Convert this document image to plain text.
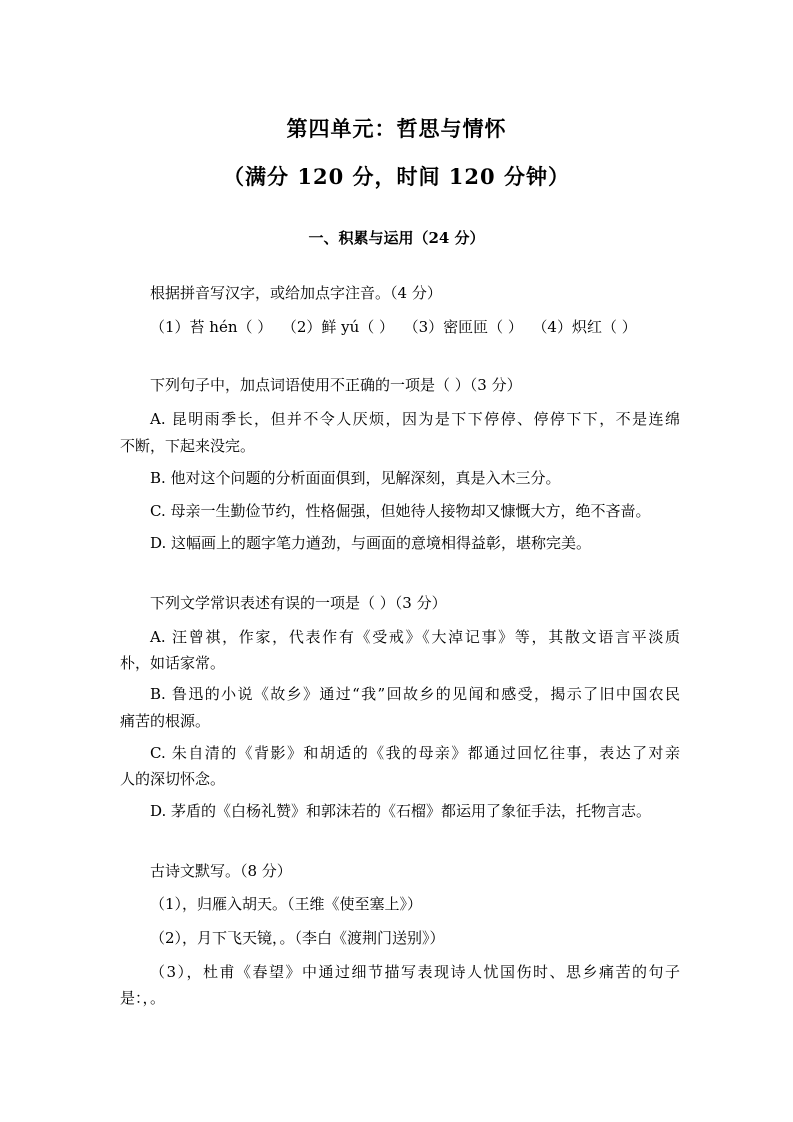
第四单元：哲思与情怀
（满分 120 分，时间 120 分钟）
一、积累与运用（24 分）
根据拼音写汉字，或给加点字注音。（4 分）
（1）苔 hén（ ）  （2）鲜 yú（ ）  （3）密匝匝（ ）  （4）炽红（ ）
下列句子中，加点词语使用不正确的一项是（ ）（3 分）
A. 昆明雨季长，但并不令人厌烦，因为是下下停停、停停下下，不是连绵
不断，下起来没完。
B. 他对这个问题的分析面面俱到，见解深刻，真是入木三分。
C. 母亲一生勤俭节约，性格倔强，但她待人接物却又慷慨大方，绝不吝啬。
D. 这幅画上的题字笔力遒劲，与画面的意境相得益彰，堪称完美。
下列文学常识表述有误的一项是（ ）（3 分）
A. 汪曾祺，作家，代表作有《受戒》《大淖记事》等，其散文语言平淡质
朴，如话家常。
B. 鲁迅的小说《故乡》通过“我”回故乡的见闻和感受，揭示了旧中国农民
痛苦的根源。
C. 朱自清的《背影》和胡适的《我的母亲》都通过回忆往事，表达了对亲
人的深切怀念。
D. 茅盾的《白杨礼赞》和郭沫若的《石榴》都运用了象征手法，托物言志。
古诗文默写。（8 分）
（1），归雁入胡天。（王维《使至塞上》）
（2），月下飞天镜，。（李白《渡荆门送别》）
（3），杜甫《春望》中通过细节描写表现诗人忧国伤时、思乡痛苦的句子
是：，。
